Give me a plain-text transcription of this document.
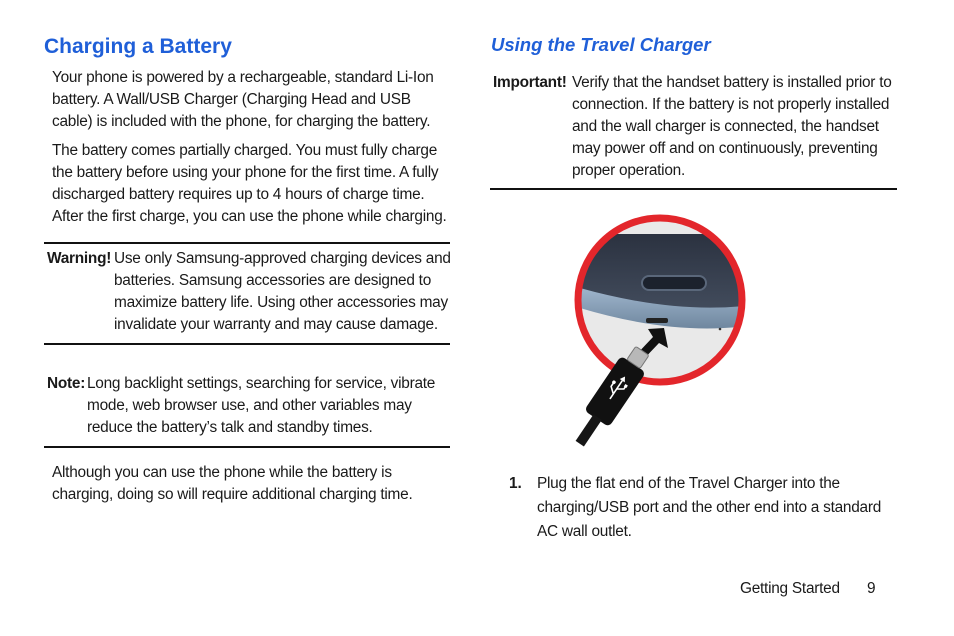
Charging a Battery

Your phone is powered by a rechargeable, standard Li-Ion battery. A Wall/USB Charger (Charging Head and USB cable) is included with the phone, for charging the battery.

The battery comes partially charged. You must fully charge the battery before using your phone for the first time. A fully discharged battery requires up to 4 hours of charge time. After the first charge, you can use the phone while charging.

Warning! Use only Samsung-approved charging devices and batteries. Samsung accessories are designed to maximize battery life. Using other accessories may invalidate your warranty and may cause damage.
Note: Long backlight settings, searching for service, vibrate mode, web browser use, and other variables may reduce the battery’s talk and standby times.

Although you can use the phone while the battery is charging, doing so will require additional charging time.

Using the Travel Charger
Important! Verify that the handset battery is installed prior to connection. If the battery is not properly installed and the wall charger is connected, the handset may power off and on continuously, preventing proper operation.
1. Plug the flat end of the Travel Charger into the charging/USB port and the other end into a standard AC wall outlet.
Getting Started 9
